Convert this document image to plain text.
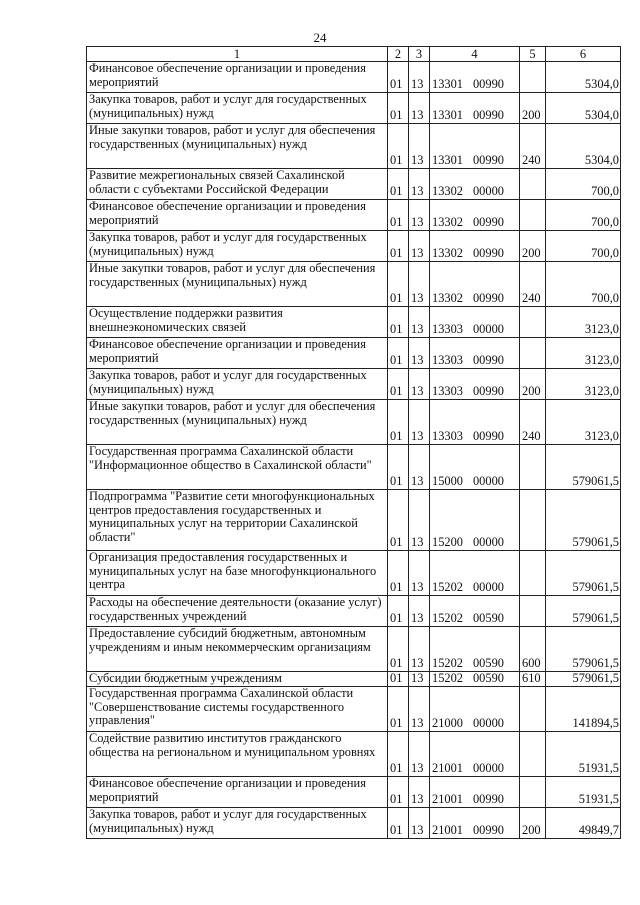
24
1	2	3	4	5	6
Финансовое обеспечение организации и проведения мероприятий	01	13	13301 00990		5304,0
Закупка товаров, работ и услуг для государственных (муниципальных) нужд	01	13	13301 00990	200	5304,0
Иные закупки товаров, работ и услуг для обеспечения государственных (муниципальных) нужд	01	13	13301 00990	240	5304,0
Развитие межрегиональных связей Сахалинской области с субъектами Российской Федерации	01	13	13302 00000		700,0
Финансовое обеспечение организации и проведения мероприятий	01	13	13302 00990		700,0
Закупка товаров, работ и услуг для государственных (муниципальных) нужд	01	13	13302 00990	200	700,0
Иные закупки товаров, работ и услуг для обеспечения государственных (муниципальных) нужд	01	13	13302 00990	240	700,0
Осуществление поддержки развития внешнеэкономических связей	01	13	13303 00000		3123,0
Финансовое обеспечение организации и проведения мероприятий	01	13	13303 00990		3123,0
Закупка товаров, работ и услуг для государственных (муниципальных) нужд	01	13	13303 00990	200	3123,0
Иные закупки товаров, работ и услуг для обеспечения государственных (муниципальных) нужд	01	13	13303 00990	240	3123,0
Государственная программа Сахалинской области "Информационное общество в Сахалинской области"	01	13	15000 00000		579061,5
Подпрограмма "Развитие сети многофункциональных центров предоставления государственных и муниципальных услуг на территории Сахалинской области"	01	13	15200 00000		579061,5
Организация предоставления государственных и муниципальных услуг на базе многофункционального центра	01	13	15202 00000		579061,5
Расходы на обеспечение деятельности (оказание услуг) государственных учреждений	01	13	15202 00590		579061,5
Предоставление субсидий бюджетным, автономным учреждениям и иным некоммерческим организациям	01	13	15202 00590	600	579061,5
Субсидии бюджетным учреждениям	01	13	15202 00590	610	579061,5
Государственная программа Сахалинской области "Совершенствование системы государственного управления"	01	13	21000 00000		141894,5
Содействие развитию институтов гражданского общества на региональном и муниципальном уровнях	01	13	21001 00000		51931,5
Финансовое обеспечение организации и проведения мероприятий	01	13	21001 00990		51931,5
Закупка товаров, работ и услуг для государственных (муниципальных) нужд	01	13	21001 00990	200	49849,7
